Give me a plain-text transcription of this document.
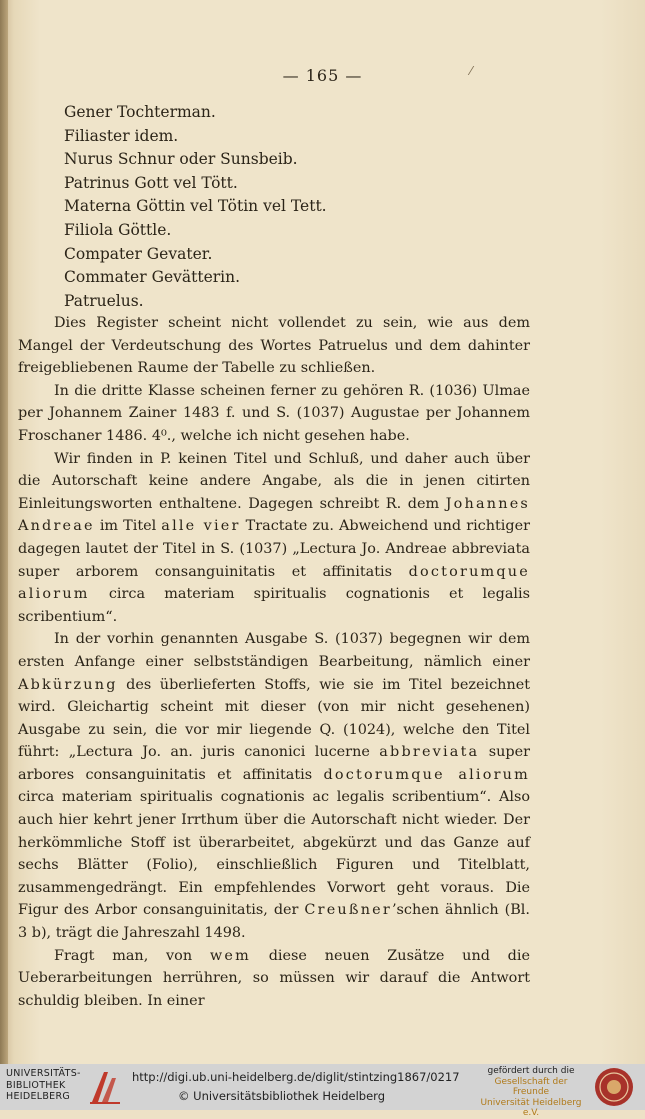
— 165 —	⁄
Gener Tochterman.
Filiaster idem.
Nurus Schnur oder Sunsbeib.
Patrinus Gott vel Tött.
Materna Göttin vel Tötin vel Tett.
Filiola Göttle.
Compater Gevater.
Commater Gevätterin.
Patruelus.

Dies Register scheint nicht vollendet zu sein, wie aus dem Mangel der Verdeutschung des Wortes Patruelus und dem dahinter freigebliebenen Raume der Tabelle zu schließen.

In die dritte Klasse scheinen ferner zu gehören R. (1036) Ulmae per Johannem Zainer 1483 f. und S. (1037) Augustae per Johannem Froschaner 1486. 4⁰., welche ich nicht gesehen habe.

Wir finden in P. keinen Titel und Schluß, und daher auch über die Autorschaft keine andere Angabe, als die in jenen citirten Einleitungsworten enthaltene. Dagegen schreibt R. dem Johannes Andreae im Titel alle vier Tractate zu. Abweichend und richtiger dagegen lautet der Titel in S. (1037) „Lectura Jo. Andreae abbreviata super arborem consanguinitatis et affinitatis doctorumque aliorum circa materiam spiritualis cognationis et legalis scribentium“.

In der vorhin genannten Ausgabe S. (1037) begegnen wir dem ersten Anfange einer selbstständigen Bearbeitung, nämlich einer Abkürzung des überlieferten Stoffs, wie sie im Titel bezeichnet wird. Gleichartig scheint mit dieser (von mir nicht gesehenen) Ausgabe zu sein, die vor mir liegende Q. (1024), welche den Titel führt: „Lectura Jo. an. juris canonici lucerne abbreviata super arbores consanguinitatis et affinitatis doctorumque aliorum circa materiam spiritualis cognationis ac legalis scribentium“. Also auch hier kehrt jener Irrthum über die Autorschaft nicht wieder. Der herkömmliche Stoff ist überarbeitet, abgekürzt und das Ganze auf sechs Blätter (Folio), einschließlich Figuren und Titelblatt, zusammengedrängt. Ein empfehlendes Vorwort geht voraus. Die Figur des Arbor consanguinitatis, der Creußner’schen ähnlich (Bl. 3 b), trägt die Jahreszahl 1498.

Fragt man, von wem diese neuen Zusätze und die Ueberarbeitungen herrühren, so müssen wir darauf die Antwort schuldig bleiben. In einer

UNIVERSITÄTS-
BIBLIOTHEK
HEIDELBERG
http://digi.ub.uni-heidelberg.de/diglit/stintzing1867/0217
© Universitätsbibliothek Heidelberg
gefördert durch die
Gesellschaft der Freunde
Universität Heidelberg e.V.
